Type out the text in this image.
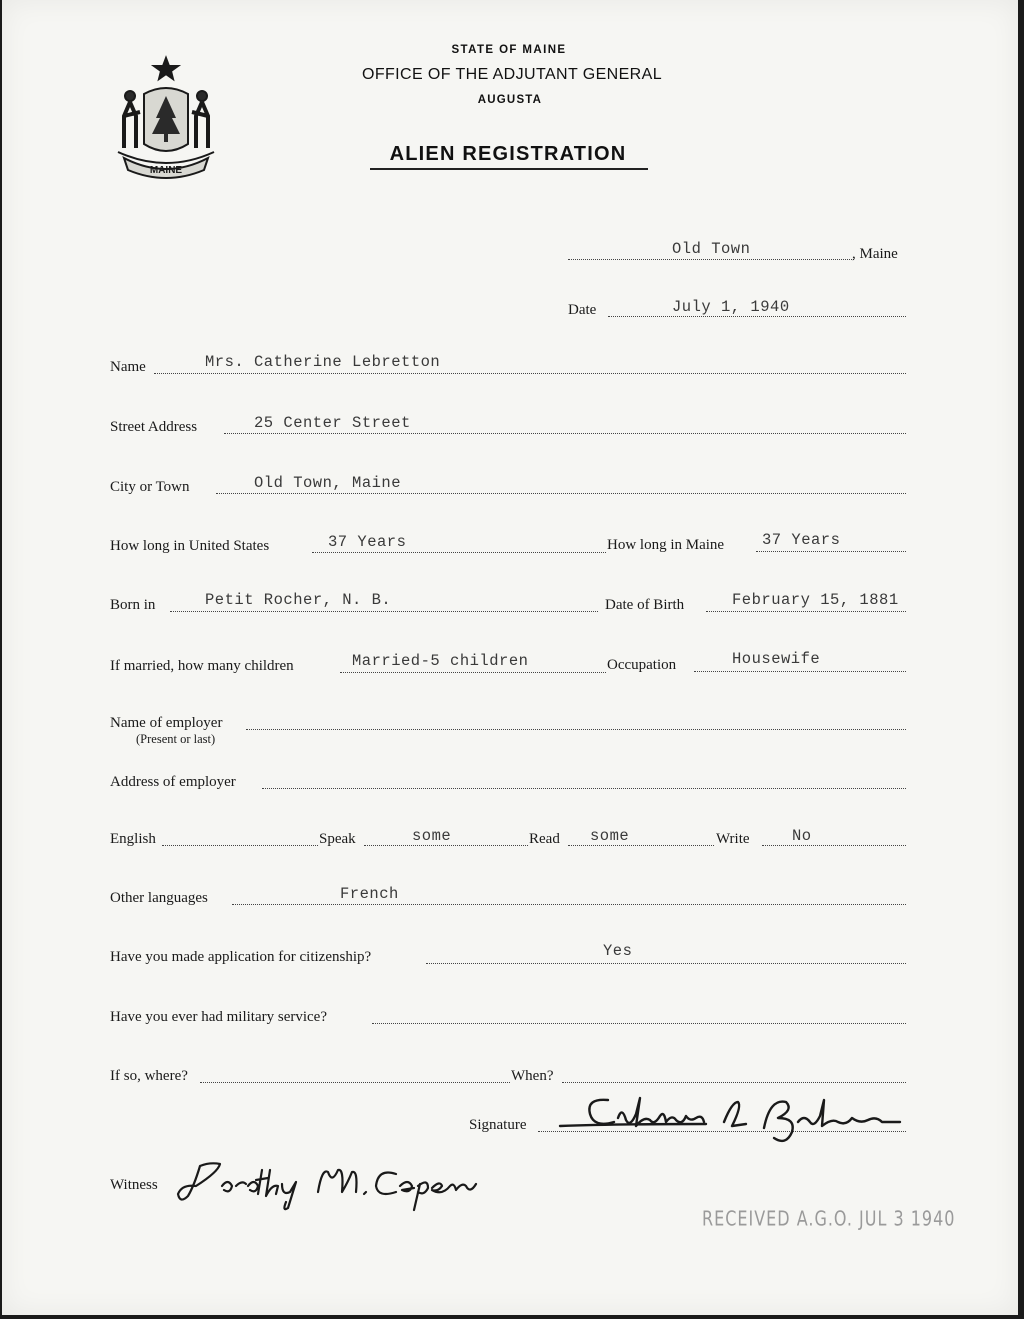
MAINE
STATE OF MAINE
OFFICE OF THE ADJUTANT GENERAL
AUGUSTA
ALIEN REGISTRATION
Old Town	, Maine
Date	July 1, 1940
Name	Mrs. Catherine Lebretton
Street Address	25 Center Street
City or Town	Old Town, Maine
How long in United States	37 Years	How long in Maine 37 Years
Born in	Petit Rocher, N. B.	Date of Birth	February 15, 1881
If married, how many children	Married-5 children	Occupation	Housewife
Name of employer
(Present or last)
Address of employer
English	Speak	some	Read some	Write	No
Other languages	French
Have you made application for citizenship?	Yes
Have you ever had military service?
If so, where?	When?
Signature
Witness
RECEIVED A.G.O. JUL 3 1940
